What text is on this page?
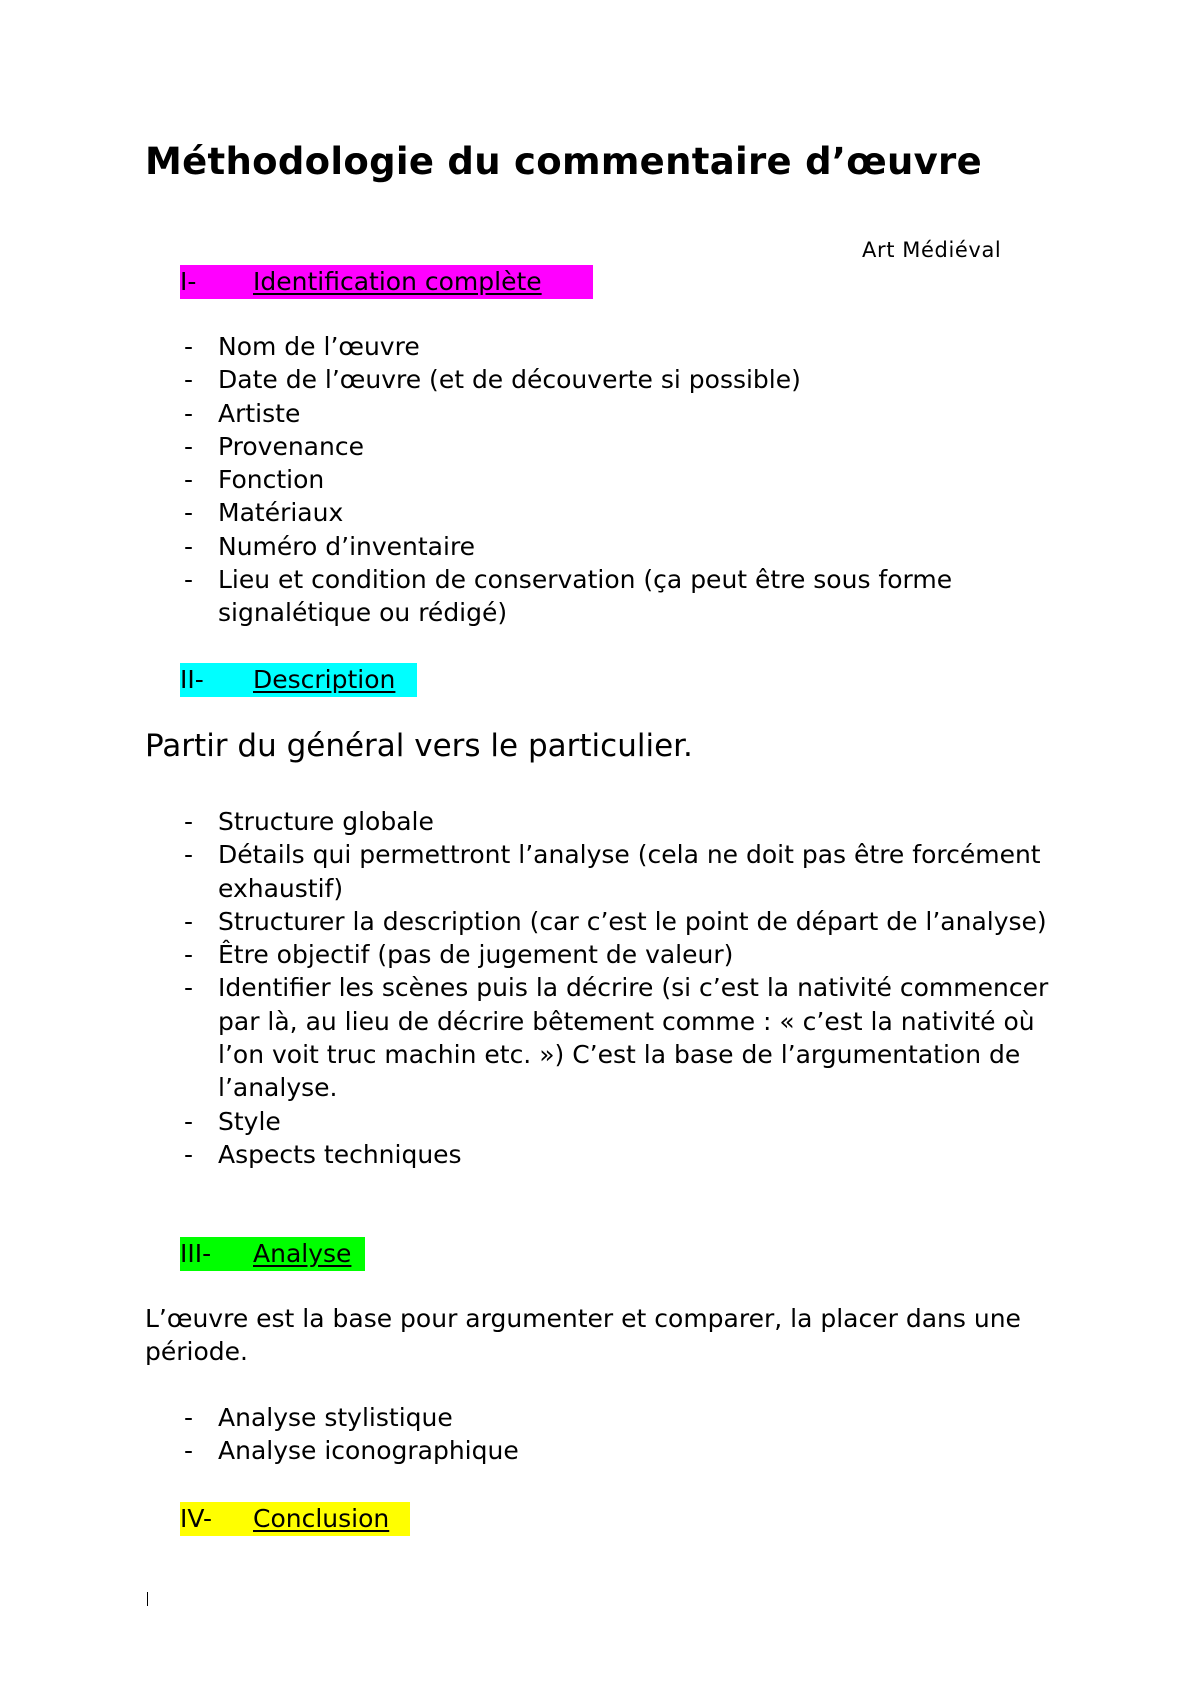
Méthodologie du commentaire d’œuvre
Art Médiéval
I- Identification complète
- Nom de l’œuvre
- Date de l’œuvre (et de découverte si possible)
- Artiste
- Provenance
- Fonction
- Matériaux
- Numéro d’inventaire
- Lieu et condition de conservation (ça peut être sous forme signalétique ou rédigé)
II- Description

Partir du général vers le particulier.

- Structure globale
- Détails qui permettront l’analyse (cela ne doit pas être forcément exhaustif)
- Structurer la description (car c’est le point de départ de l’analyse)
- Être objectif (pas de jugement de valeur)
- Identifier les scènes puis la décrire (si c’est la nativité commencer par là, au lieu de décrire bêtement comme : « c’est la nativité où l’on voit truc machin etc. ») C’est la base de l’argumentation de l’analyse.
- Style
- Aspects techniques
III- Analyse

L’œuvre est la base pour argumenter et comparer, la placer dans une période.

- Analyse stylistique
- Analyse iconographique
IV- Conclusion
